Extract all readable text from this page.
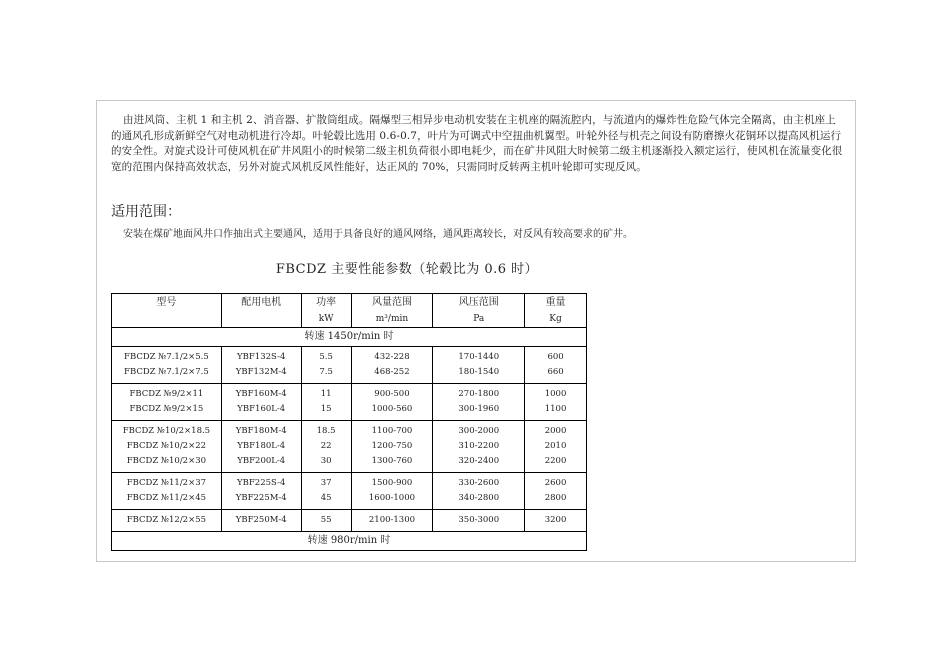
由进风筒、主机 1 和主机 2、消音器、扩散筒组成。隔爆型三相异步电动机安装在主机座的隔流腔内，与流道内的爆炸性危险气体完全隔离，由主机座上的通风孔形成新鲜空气对电动机进行冷却。叶轮毂比选用 0.6-0.7，叶片为可调式中空扭曲机翼型。叶轮外径与机壳之间设有防磨擦火花铜环以提高风机运行的安全性。对旋式设计可使风机在矿井风阻小的时候第二级主机负荷很小即电耗少，而在矿井风阻大时候第二级主机逐渐投入额定运行，使风机在流量变化很宽的范围内保持高效状态，另外对旋式风机反风性能好，达正风的 70%，只需同时反转两主机叶轮即可实现反风。

适用范围：

安装在煤矿地面风井口作抽出式主要通风，适用于具备良好的通风网络，通风距离较长，对反风有较高要求的矿井。

FBCDZ 主要性能参数（轮毂比为 0.6 时）
型号	配用电机	功率	风量范围	风压范围	重量
		kW	m³/min	Pa	Kg
转速 1450r/min 时					
FBCDZ №7.1/2×5.5	YBF132S-4	5.5	432-228	170-1440	600
FBCDZ №7.1/2×7.5	YBF132M-4	7.5	468-252	180-1540	660
FBCDZ №9/2×11	YBF160M-4	11	900-500	270-1800	1000
FBCDZ №9/2×15	YBF160L-4	15	1000-560	300-1960	1100
FBCDZ №10/2×18.5	YBF180M-4	18.5	1100-700	300-2000	2000
FBCDZ №10/2×22	YBF180L-4	22	1200-750	310-2200	2010
FBCDZ №10/2×30	YBF200L-4	30	1300-760	320-2400	2200
FBCDZ №11/2×37	YBF225S-4	37	1500-900	330-2600	2600
FBCDZ №11/2×45	YBF225M-4	45	1600-1000	340-2800	2800
FBCDZ №12/2×55	YBF250M-4	55	2100-1300	350-3000	3200
转速 980r/min 时					
